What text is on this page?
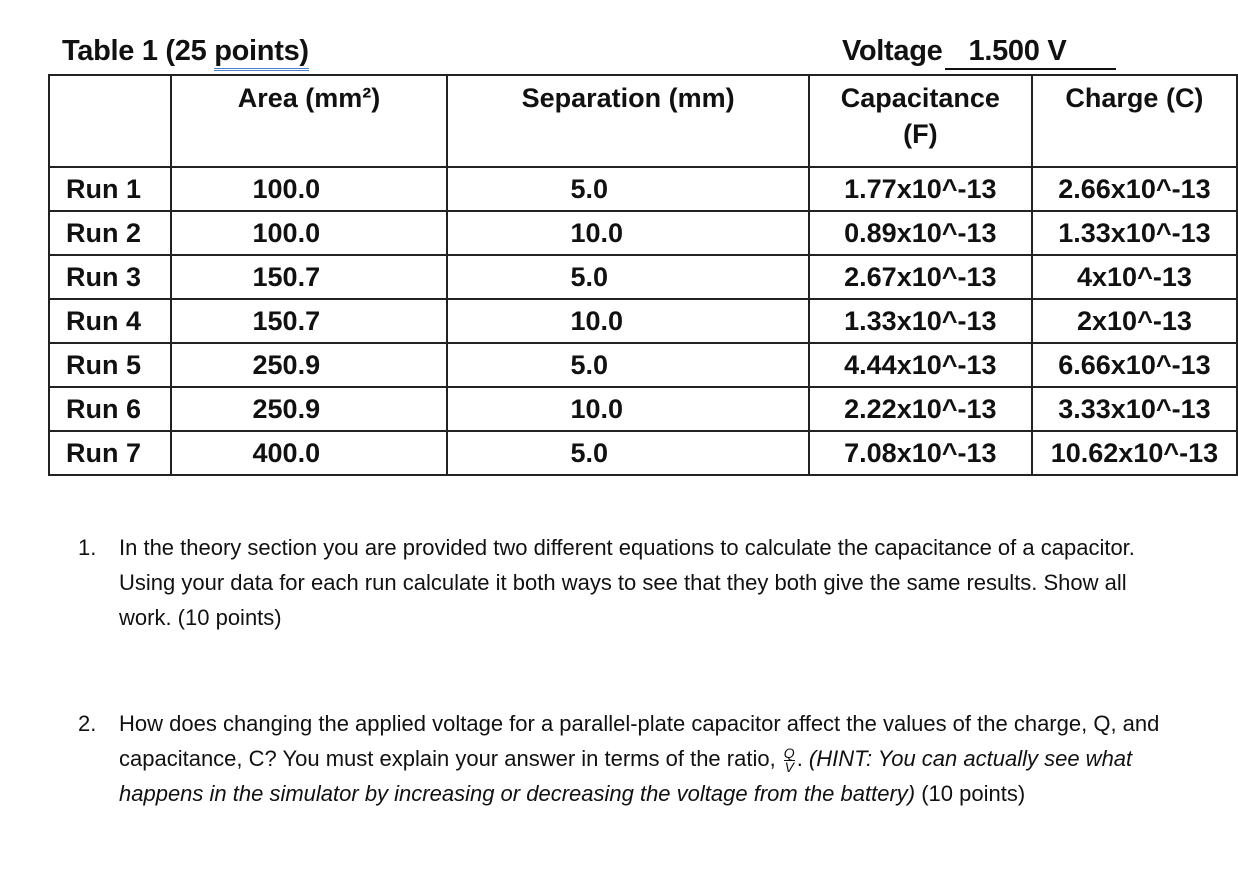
Table 1 (25 points)	Voltage 1.500 V
	Area (mm²)	Separation (mm)	Capacitance (F)	Charge (C)
Run 1	100.0	5.0	1.77x10^-13	2.66x10^-13
Run 2	100.0	10.0	0.89x10^-13	1.33x10^-13
Run 3	150.7	5.0	2.67x10^-13	4x10^-13
Run 4	150.7	10.0	1.33x10^-13	2x10^-13
Run 5	250.9	5.0	4.44x10^-13	6.66x10^-13
Run 6	250.9	10.0	2.22x10^-13	3.33x10^-13
Run 7	400.0	5.0	7.08x10^-13	10.62x10^-13
1. In the theory section you are provided two different equations to calculate the capacitance of a capacitor. Using your data for each run calculate it both ways to see that they both give the same results. Show all work. (10 points)
2. How does changing the applied voltage for a parallel-plate capacitor affect the values of the charge, Q, and capacitance, C? You must explain your answer in terms of the ratio, $\frac{Q}{V}$ . (HINT: You can actually see what happens in the simulator by increasing or decreasing the voltage from the battery) (10 points)
